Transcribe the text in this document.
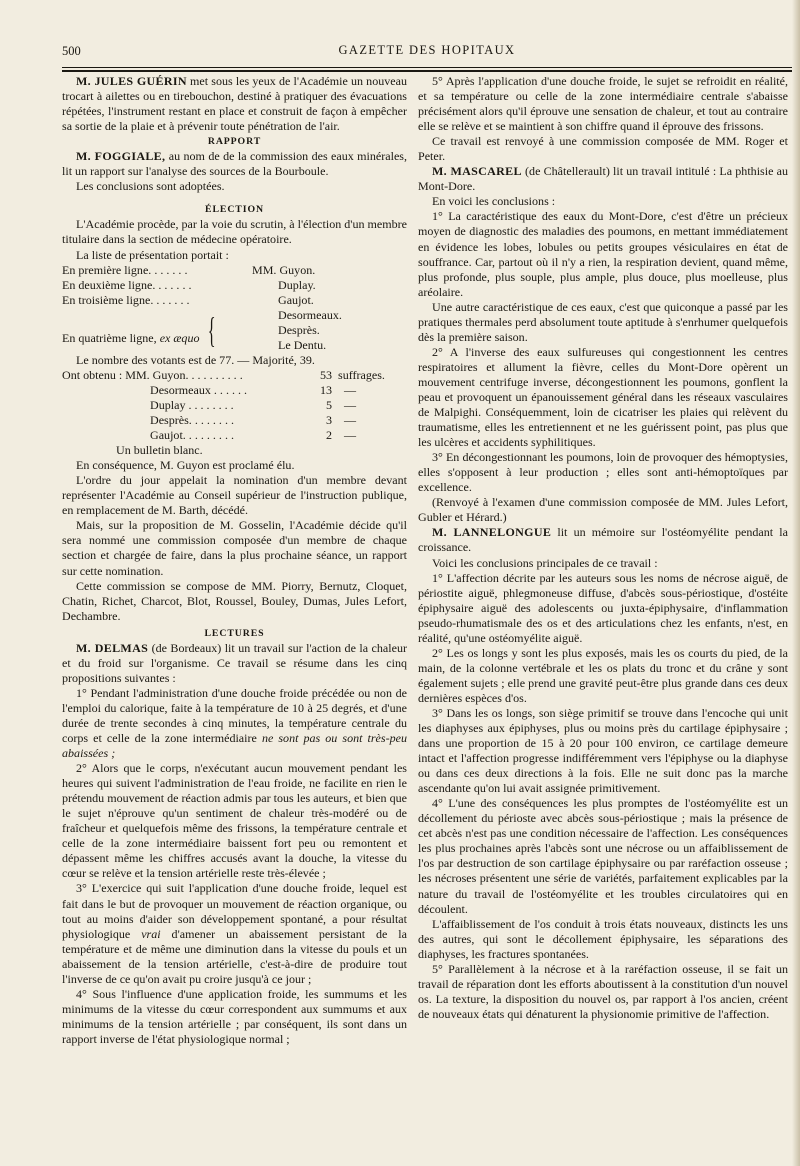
500	GAZETTE DES HOPITAUX

M. JULES GUÉRIN met sous les yeux de l'Académie un nouveau trocart à ailettes ou en tirebouchon, destiné à pratiquer des évacuations répétées, l'instrument restant en place et construit de façon à empêcher sa sortie de la plaie et à prévenir toute pénétration de l'air.

RAPPORT

M. FOGGIALE, au nom de de la commission des eaux minérales, lit un rapport sur l'analyse des sources de la Bourboule.

Les conclusions sont adoptées.

ÉLECTION

L'Académie procède, par la voie du scrutin, à l'élection d'un membre titulaire dans la section de médecine opératoire.

La liste de présentation portait :

En première ligne. . . . . . .	MM. Guyon.
En deuxième ligne. . . . . . .	Duplay.
En troisième ligne. . . . . . .	Gaujot.
En quatrième ligne, ex æquo {	Desormeaux.
Desprès.
Le Dentu.

Le nombre des votants est de 77. — Majorité, 39.

Ont obtenu : MM. Guyon. . . . . . . . . .	53 suffrages.
Desormeaux . . . . . .	13	—
Duplay . . . . . . . .	5	—
Desprès. . . . . . . .	3	—
Gaujot. . . . . . . . .	2	—

Un bulletin blanc.

En conséquence, M. Guyon est proclamé élu.

L'ordre du jour appelait la nomination d'un membre devant représenter l'Académie au Conseil supérieur de l'instruction publique, en remplacement de M. Barth, décédé.

Mais, sur la proposition de M. Gosselin, l'Académie décide qu'il sera nommé une commission composée d'un membre de chaque section et chargée de faire, dans la plus prochaine séance, un rapport sur cette nomination.

Cette commission se compose de MM. Piorry, Bernutz, Cloquet, Chatin, Richet, Charcot, Blot, Roussel, Bouley, Dumas, Jules Lefort, Dechambre.

LECTURES

M. DELMAS (de Bordeaux) lit un travail sur l'action de la chaleur et du froid sur l'organisme. Ce travail se résume dans les cinq propositions suivantes :

1° Pendant l'administration d'une douche froide précédée ou non de l'emploi du calorique, faite à la température de 10 à 25 degrés, et d'une durée de trente secondes à cinq minutes, la température centrale du corps et celle de la zone intermédiaire ne sont pas ou sont très-peu abaissées ;

2° Alors que le corps, n'exécutant aucun mouvement pendant les heures qui suivent l'administration de l'eau froide, ne facilite en rien le prétendu mouvement de réaction admis par tous les auteurs, et bien que le sujet n'éprouve qu'un sentiment de chaleur très-modéré ou de fraîcheur et quelquefois même des frissons, la température centrale et celle de la zone intermédiaire baissent fort peu ou remontent et dépassent même les chiffres accusés avant la douche, la vitesse du cœur se relève et la tension artérielle reste très-élevée ;

3° L'exercice qui suit l'application d'une douche froide, lequel est fait dans le but de provoquer un mouvement de réaction organique, ou tout au moins d'aider son développement spontané, a pour résultat physiologique vrai d'amener un abaissement persistant de la température et de même une diminution dans la vitesse du pouls et un abaissement de la tension artérielle, c'est-à-dire de produire tout l'inverse de ce qu'on avait pu croire jusqu'à ce jour ;

4° Sous l'influence d'une application froide, les summums et les minimums de la vitesse du cœur correspondent aux summums et aux minimums de la tension artérielle ; par conséquent, ils sont dans un rapport inverse de l'état physiologique normal ;

5° Après l'application d'une douche froide, le sujet se refroidit en réalité, et sa température ou celle de la zone intermédiaire centrale s'abaisse précisément alors qu'il éprouve une sensation de chaleur, et tout au contraire elle se relève et se maintient à son chiffre quand il éprouve des frissons.

Ce travail est renvoyé à une commission composée de MM. Roger et Peter.

M. MASCAREL (de Châtellerault) lit un travail intitulé : La phthisie au Mont-Dore.

En voici les conclusions :

1° La caractéristique des eaux du Mont-Dore, c'est d'être un précieux moyen de diagnostic des maladies des poumons, en mettant immédiatement en évidence les lobes, lobules ou petits groupes vésiculaires en état de souffrance. Car, partout où il n'y a rien, la respiration devient, quand même, plus profonde, plus souple, plus ample, plus douce, plus moelleuse, plus aréolaire.

Une autre caractéristique de ces eaux, c'est que quiconque a passé par les pratiques thermales perd absolument toute aptitude à s'enrhumer quelquefois dès la première saison.

2° A l'inverse des eaux sulfureuses qui congestionnent les centres respiratoires et allument la fièvre, celles du Mont-Dore opèrent un mouvement centrifuge inverse, décongestionnent les poumons, gonflent la peau et provoquent un épanouissement général dans les réseaux vasculaires de Malpighi. Conséquemment, loin de cicatriser les plaies qui relèvent du traumatisme, elles les entretiennent et ne les guérissent point, pas plus que les ulcères et accidents syphilitiques.

3° En décongestionnant les poumons, loin de provoquer des hémoptysies, elles s'opposent à leur production ; elles sont anti-hémoptoïques par excellence.

(Renvoyé à l'examen d'une commission composée de MM. Jules Lefort, Gubler et Hérard.)

M. LANNELONGUE lit un mémoire sur l'ostéomyélite pendant la croissance.

Voici les conclusions principales de ce travail :

1° L'affection décrite par les auteurs sous les noms de nécrose aiguë, de périostite aiguë, phlegmoneuse diffuse, d'abcès sous-périostique, d'ostéite épiphysaire aiguë des adolescents ou juxta-épiphysaire, d'inflammation pseudo-rhumatismale des os et des articulations chez les enfants, n'est, en réalité, qu'une ostéomyélite aiguë.

2° Les os longs y sont les plus exposés, mais les os courts du pied, de la main, de la colonne vertébrale et les os plats du tronc et du crâne y sont également sujets ; elle prend une gravité peut-être plus grande dans ces deux dernières espèces d'os.

3° Dans les os longs, son siège primitif se trouve dans l'encoche qui unit les diaphyses aux épiphyses, plus ou moins près du cartilage épiphysaire ; dans une proportion de 15 à 20 pour 100 environ, ce cartilage demeure intact et l'affection progresse indifféremment vers l'épiphyse ou la diaphyse ou dans ces deux directions à la fois. Elle ne suit donc pas la marche ascendante qu'on lui avait assignée primitivement.

4° L'une des conséquences les plus promptes de l'ostéomyélite est un décollement du périoste avec abcès sous-périostique ; mais la présence de cet abcès n'est pas une condition nécessaire de l'affection. Les conséquences les plus prochaines après l'abcès sont une nécrose ou un affaiblissement de l'os par destruction de son cartilage épiphysaire ou par raréfaction osseuse ; les nécroses présentent une série de variétés, parfaitement explicables par la nature du travail de l'ostéomyélite et les troubles circulatoires qui en découlent.

L'affaiblissement de l'os conduit à trois états nouveaux, distincts les uns des autres, qui sont le décollement épiphysaire, les séparations des diaphyses, les fractures spontanées.

5° Parallèlement à la nécrose et à la raréfaction osseuse, il se fait un travail de réparation dont les efforts aboutissent à la constitution d'un nouvel os. La texture, la disposition du nouvel os, par rapport à l'os ancien, créent de nouveaux états qui dénaturent la physionomie primitive de l'affection.
